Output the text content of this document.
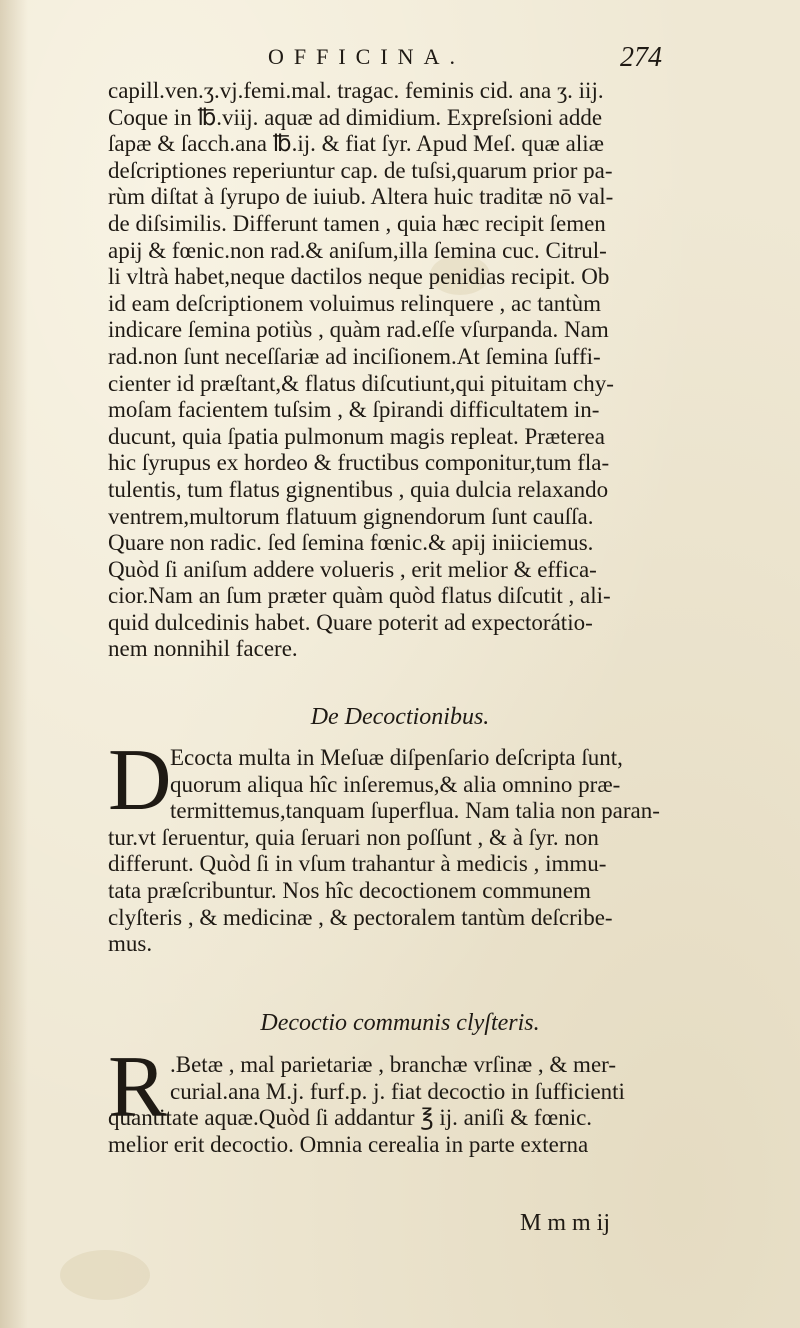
OFFICINA.	274

capill.ven.ʒ.vj.femi.mal. tragac. feminis cid. ana ʒ. iij.
Coque in ℔.viij. aquæ ad dimidium. Expreſsioni adde
ſapæ & ſacch.ana ℔.ij. & fiat ſyr. Apud Meſ. quæ aliæ
deſcriptiones reperiuntur cap. de tuſsi,quarum prior pa-
rùm diſtat à ſyrupo de iuiub. Altera huic traditæ nō val-
de diſsimilis. Differunt tamen , quia hæc recipit ſemen
apij & fœnic.non rad.& aniſum,illa ſemina cuc. Citrul-
li vltrà habet,neque dactilos neque penidias recipit. Ob
id eam deſcriptionem voluimus relinquere , ac tantùm
indicare ſemina potiùs , quàm rad.eſſe vſurpanda. Nam
rad.non ſunt neceſſariæ ad inciſionem.At ſemina ſuffi-
cienter id præſtant,& flatus diſcutiunt,qui pituitam chy-
moſam facientem tuſsim , & ſpirandi difficultatem in-
ducunt, quia ſpatia pulmonum magis repleat. Præterea
hic ſyrupus ex hordeo & fructibus componitur,tum fla-
tulentis, tum flatus gignentibus , quia dulcia relaxando
ventrem,multorum flatuum gignendorum ſunt cauſſa.
Quare non radic. ſed ſemina fœnic.& apij iniiciemus.
Quòd ſi aniſum addere volueris , erit melior & effica-
cior.Nam an ſum præter quàm quòd flatus diſcutit , ali-
quid dulcedinis habet. Quare poterit ad expectorátio-
nem nonnihil facere.

De Decoctionibus.
D
Ecocta multa in Meſuæ diſpenſario deſcripta ſunt,
quorum aliqua hîc inſeremus,& alia omnino præ-
termittemus,tanquam ſuperflua. Nam talia non paran-
tur.vt ſeruentur, quia ſeruari non poſſunt , & à ſyr. non
differunt. Quòd ſi in vſum trahantur à medicis , immu-
tata præſcribuntur. Nos hîc decoctionem communem
clyſteris , & medicinæ , & pectoralem tantùm deſcribe-
mus.
Decoctio communis clyſteris.
R .Betæ , mal parietariæ , branchæ vrſinæ , & mer-
curial.ana M.j. furf.p. j. fiat decoctio in ſufficienti
quantitate aquæ.Quòd ſi addantur ℥ ij. aniſi & fœnic.
melior erit decoctio. Omnia cerealia in parte externa
M m m ij
